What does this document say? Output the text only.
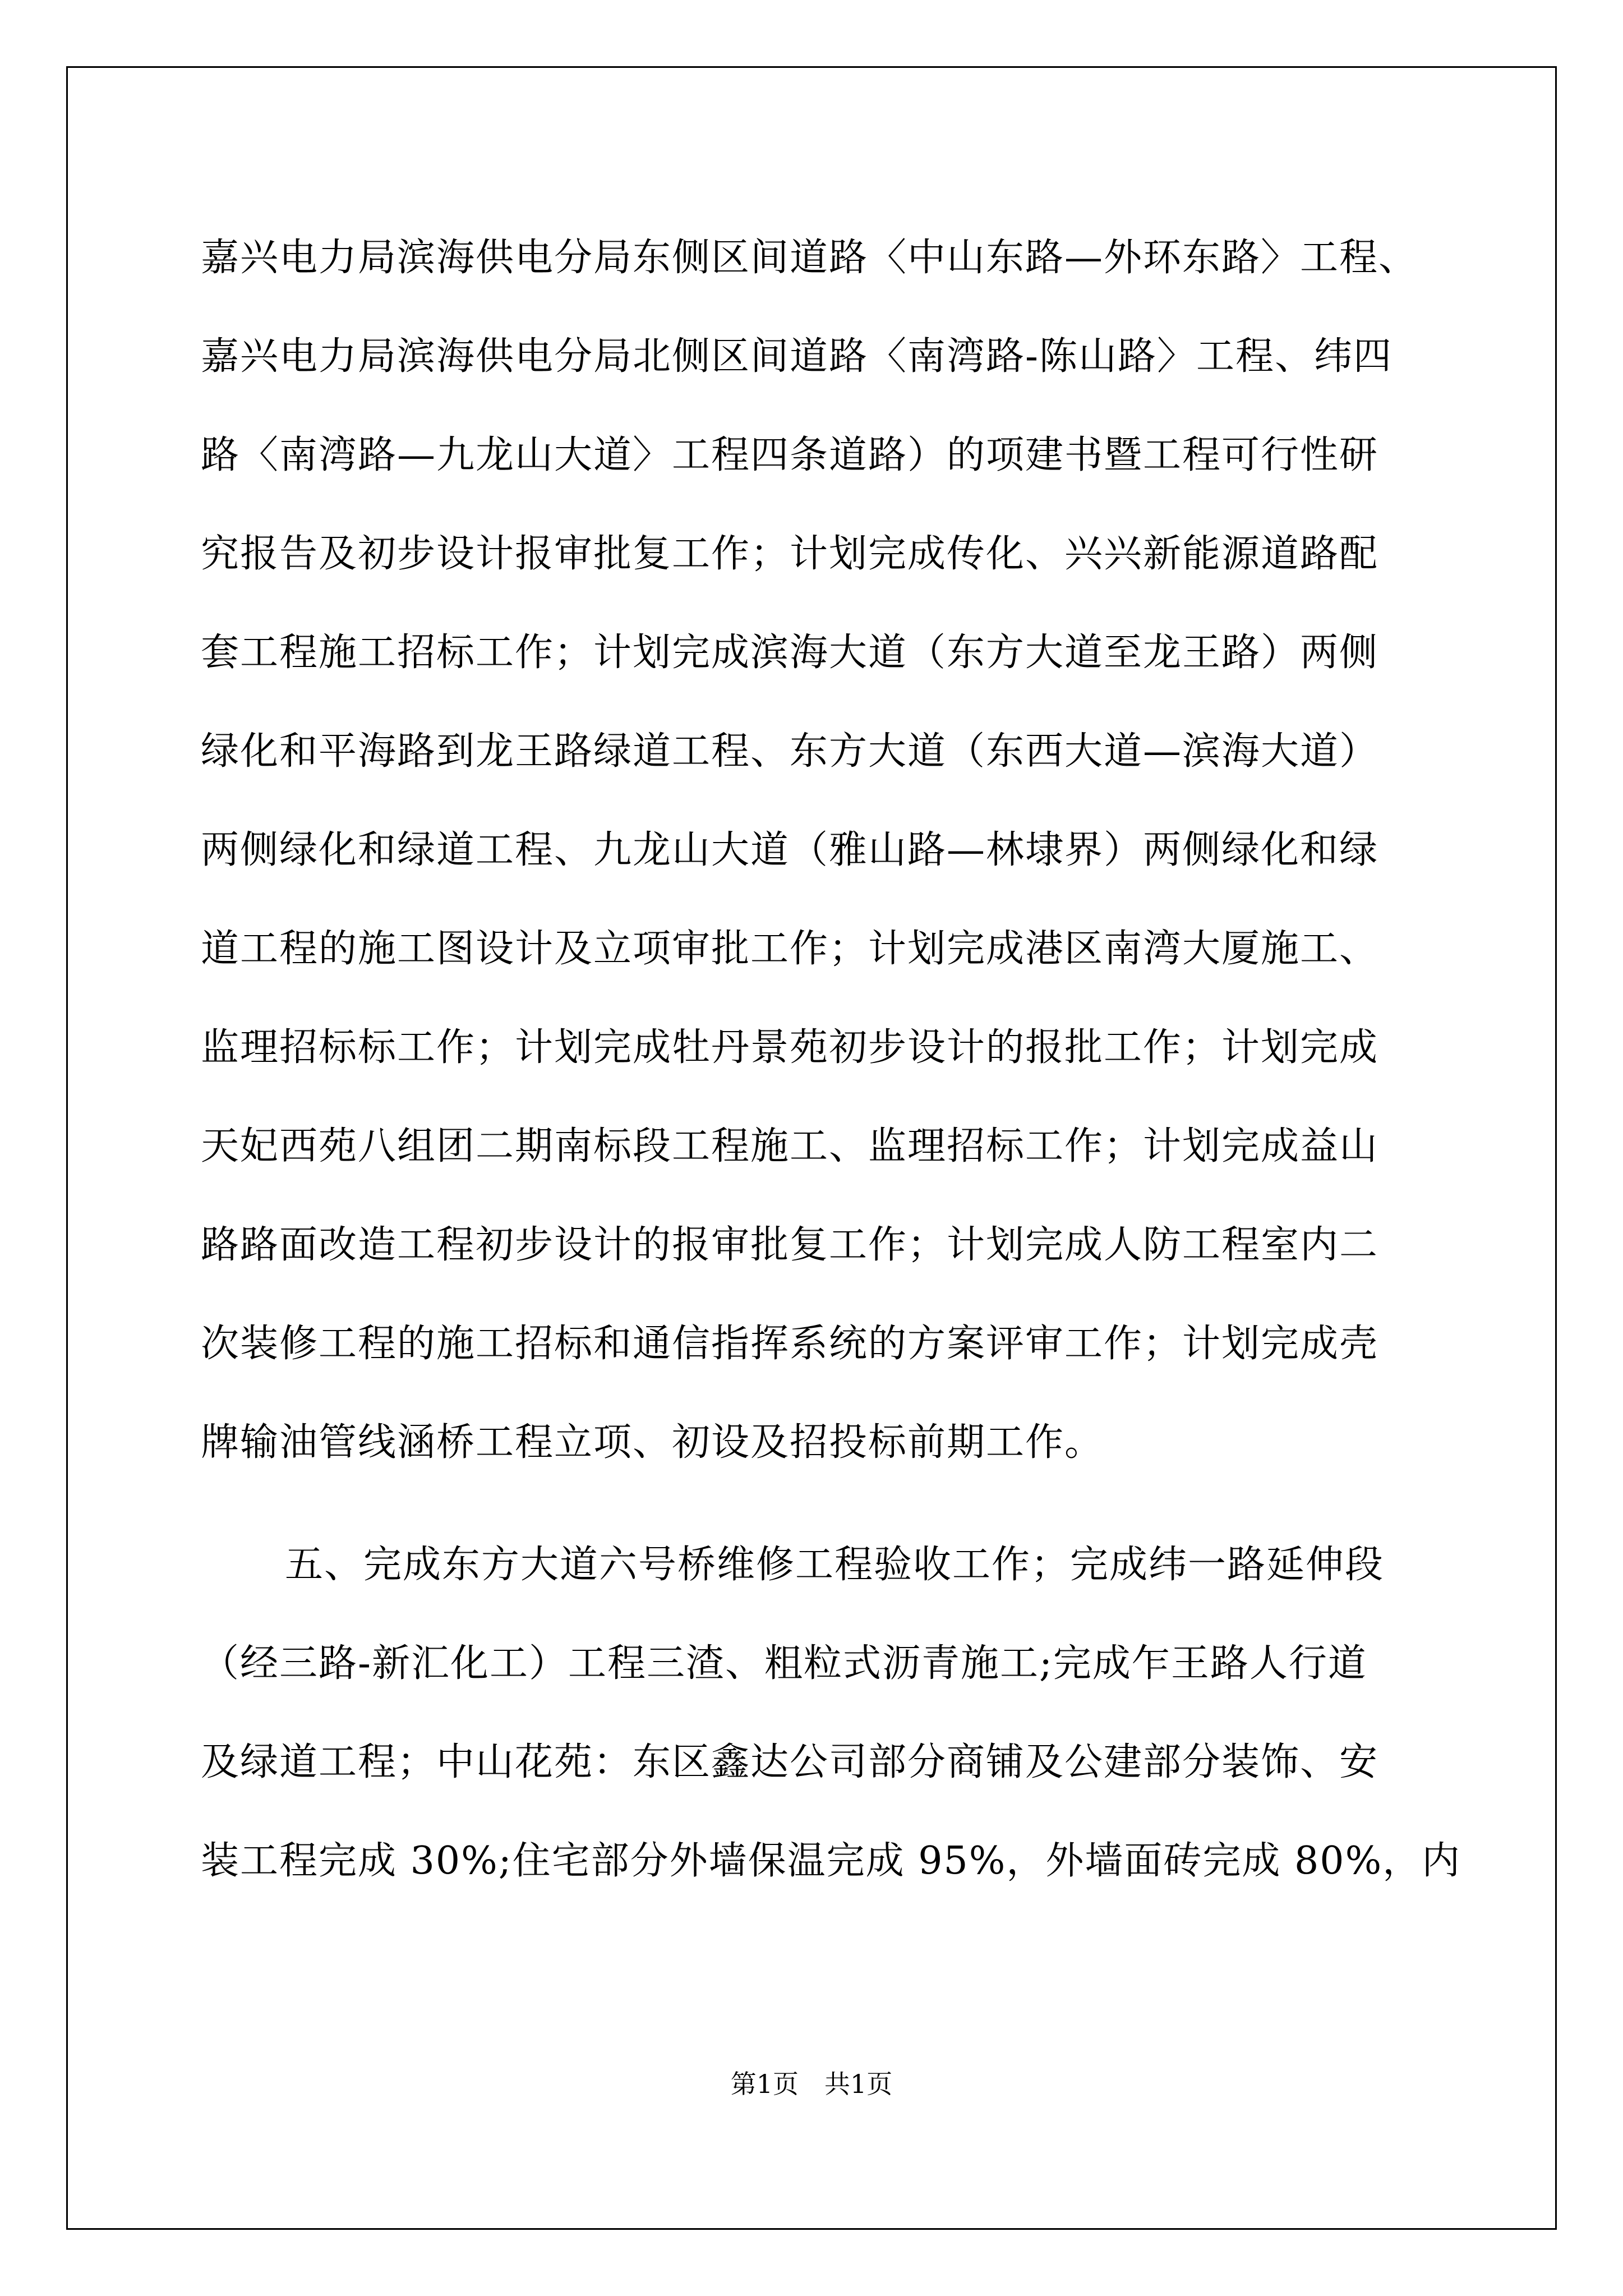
嘉兴电力局滨海供电分局东侧区间道路〈中山东路—外环东路〉工程、
嘉兴电力局滨海供电分局北侧区间道路〈南湾路-陈山路〉工程、纬四
路〈南湾路—九龙山大道〉工程四条道路）的项建书暨工程可行性研
究报告及初步设计报审批复工作；计划完成传化、兴兴新能源道路配
套工程施工招标工作；计划完成滨海大道（东方大道至龙王路）两侧
绿化和平海路到龙王路绿道工程、东方大道（东西大道—滨海大道）
两侧绿化和绿道工程、九龙山大道（雅山路—林埭界）两侧绿化和绿
道工程的施工图设计及立项审批工作；计划完成港区南湾大厦施工、
监理招标标工作；计划完成牡丹景苑初步设计的报批工作；计划完成
天妃西苑八组团二期南标段工程施工、监理招标工作；计划完成益山
路路面改造工程初步设计的报审批复工作；计划完成人防工程室内二
次装修工程的施工招标和通信指挥系统的方案评审工作；计划完成壳
牌输油管线涵桥工程立项、初设及招投标前期工作。
五、完成东方大道六号桥维修工程验收工作；完成纬一路延伸段
（经三路-新汇化工）工程三渣、粗粒式沥青施工;完成乍王路人行道
及绿道工程；中山花苑：东区鑫达公司部分商铺及公建部分装饰、安
装工程完成 30%;住宅部分外墙保温完成 95%，外墙面砖完成 80%，内
第1页　共1页
